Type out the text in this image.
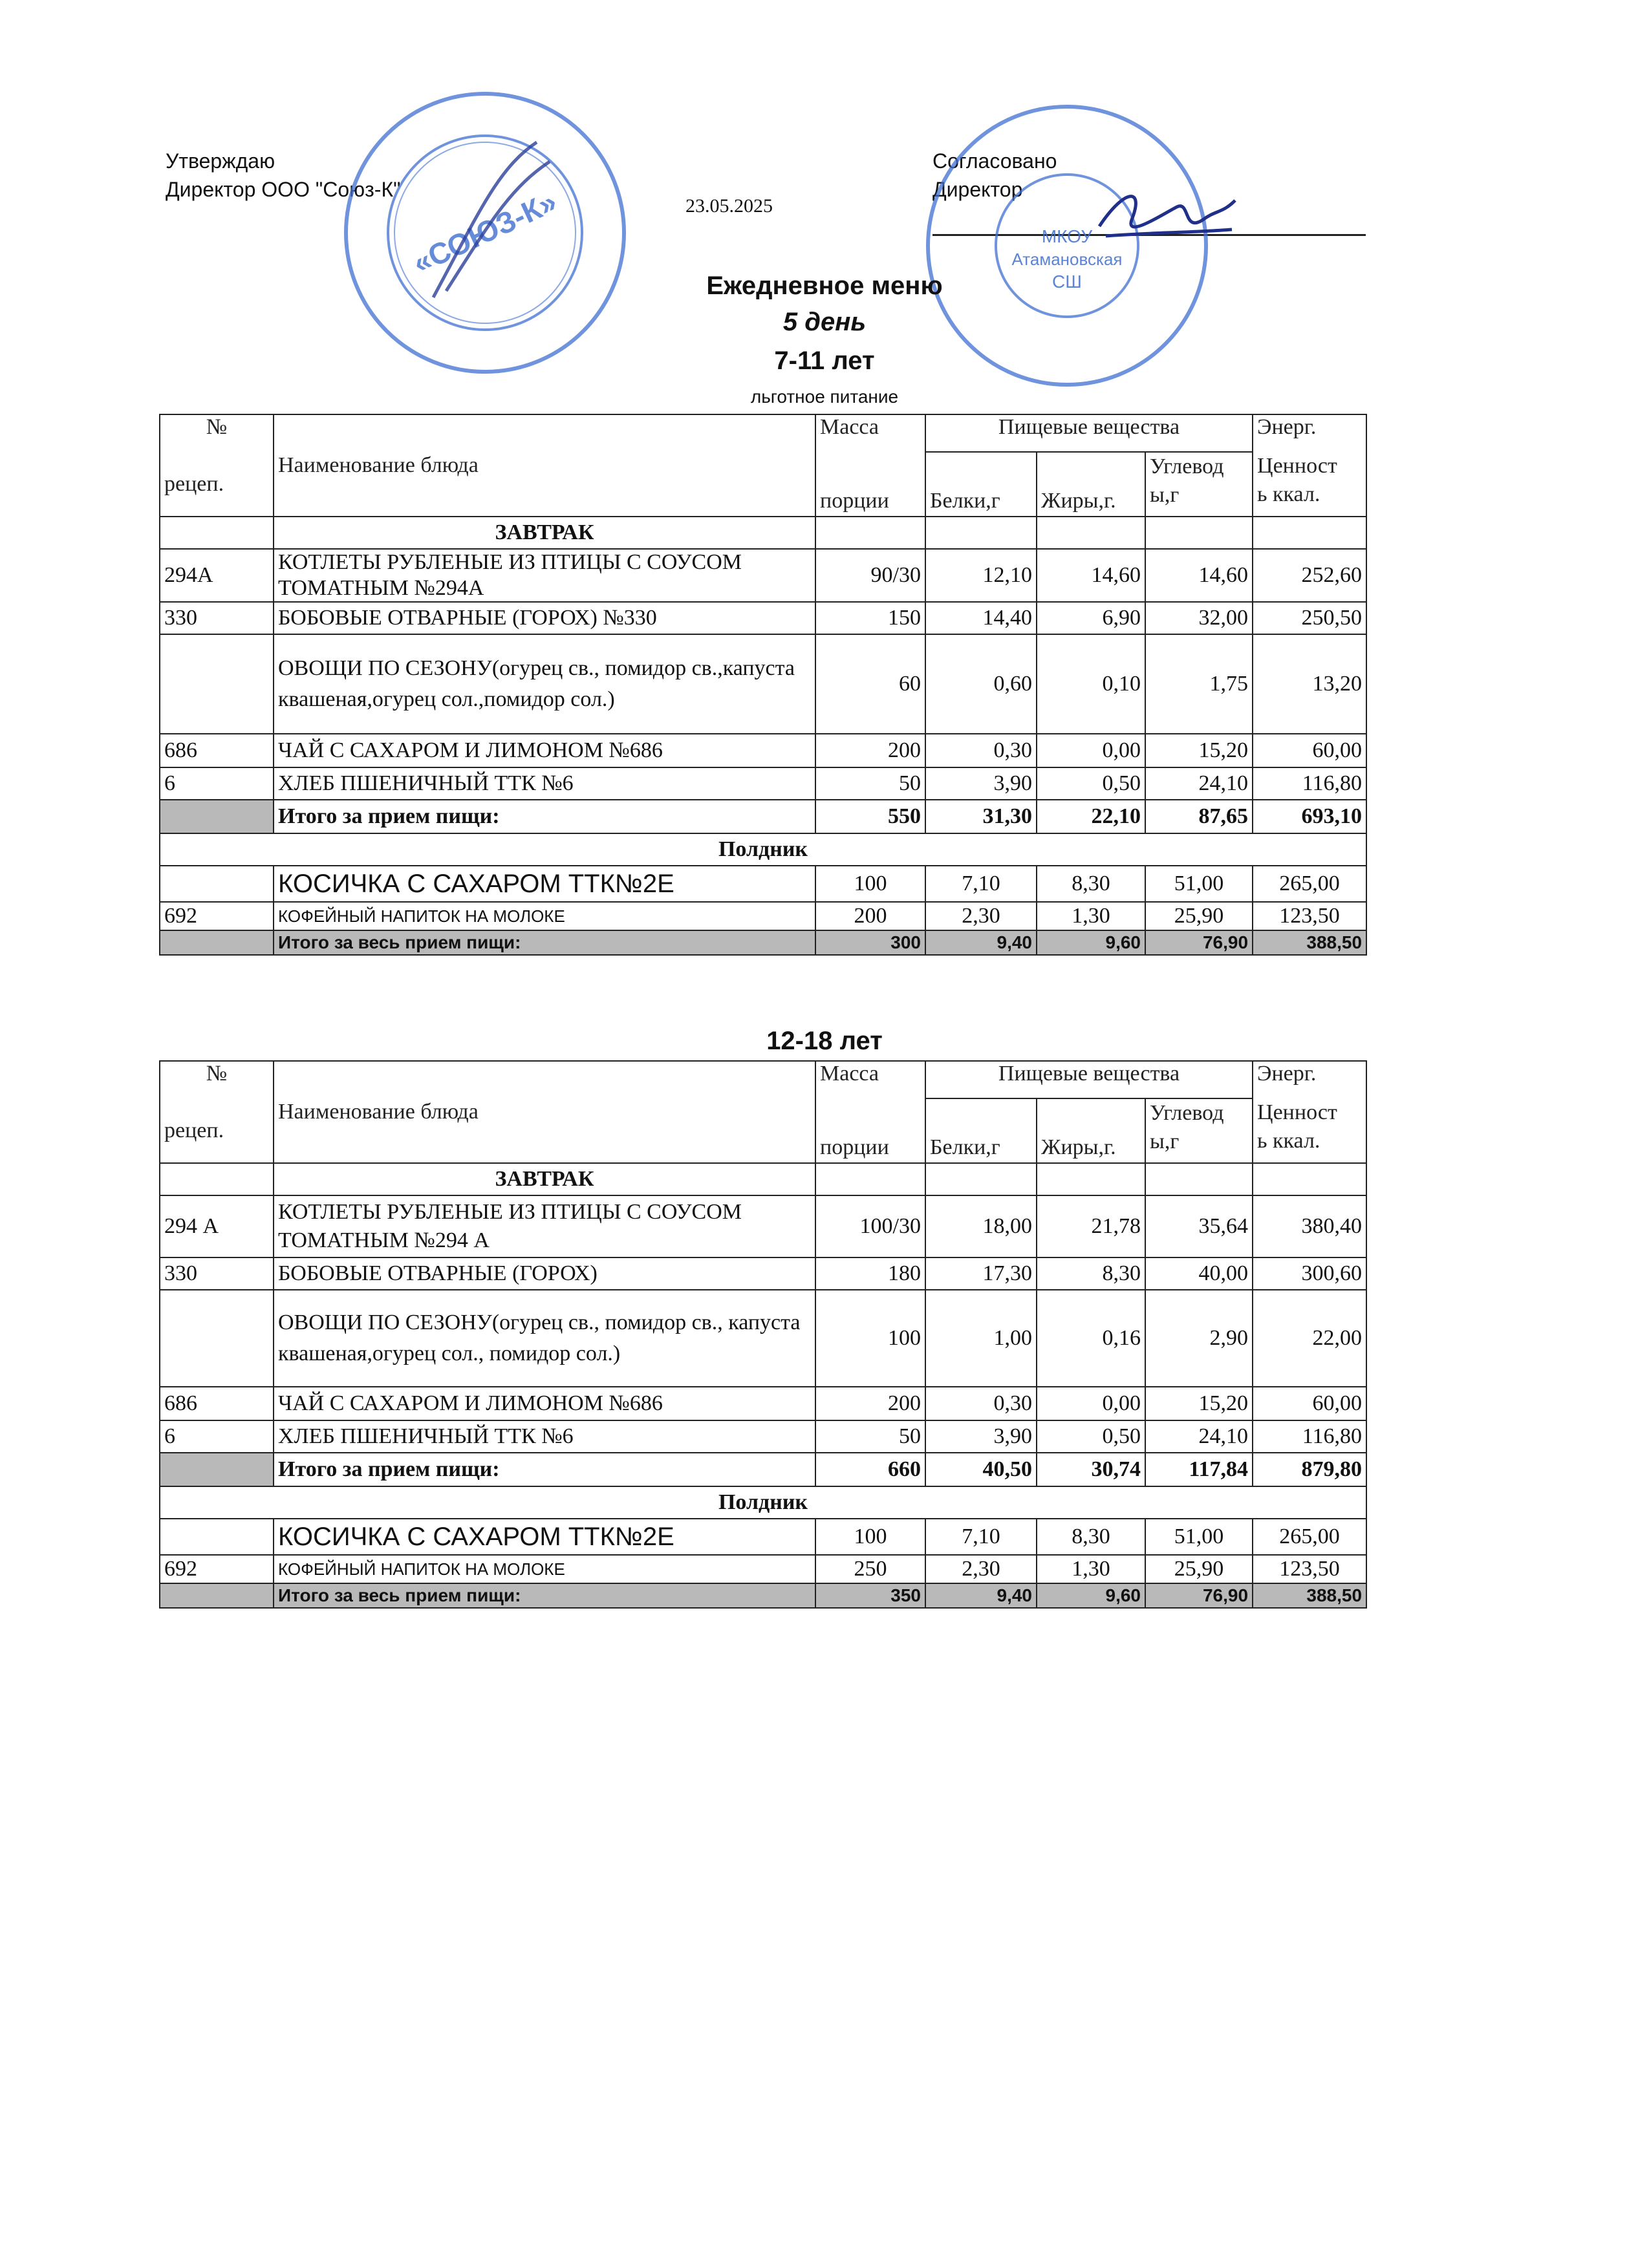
Утверждаю
Директор ООО "Союз-К"
23.05.2025
Согласовано
Директор
«СОЮЗ-К»	МКОУ
Атамановская
СШ
Ежедневное меню
5 день
7-11 лет
льготное питание
№	Наименование блюда	Масса	Пищевые вещества			Энерг.
рецеп.		порции	Белки,г	Жиры,г.	Углевод
ы,г	Ценност
ь ккал.
	ЗАВТРАК					
294А	КОТЛЕТЫ РУБЛЕНЫЕ ИЗ ПТИЦЫ С СОУСОМ ТОМАТНЫМ №294А	90/30	12,10	14,60	14,60	252,60
330	БОБОВЫЕ ОТВАРНЫЕ (ГОРОХ) №330	150	14,40	6,90	32,00	250,50
	ОВОЩИ ПО СЕЗОНУ(огурец св., помидор св.,капуста квашеная,огурец сол.,помидор сол.)	60	0,60	0,10	1,75	13,20
686	ЧАЙ С САХАРОМ И ЛИМОНОМ №686	200	0,30	0,00	15,20	60,00
6	ХЛЕБ ПШЕНИЧНЫЙ ТТК №6	50	3,90	0,50	24,10	116,80
	Итого за прием пищи:	550	31,30	22,10	87,65	693,10
Полдник						
	КОСИЧКА С САХАРОМ ТТК№2Е	100	7,10	8,30	51,00	265,00
692	КОФЕЙНЫЙ НАПИТОК НА МОЛОКЕ	200	2,30	1,30	25,90	123,50
	Итого за весь прием пищи:	300	9,40	9,60	76,90	388,50
12-18 лет
№	Наименование блюда	Масса	Пищевые вещества			Энерг.
рецеп.		порции	Белки,г	Жиры,г.	Углевод
ы,г	Ценност
ь ккал.
	ЗАВТРАК					
294 А	КОТЛЕТЫ РУБЛЕНЫЕ ИЗ ПТИЦЫ С СОУСОМ ТОМАТНЫМ №294 А	100/30	18,00	21,78	35,64	380,40
330	БОБОВЫЕ ОТВАРНЫЕ (ГОРОХ)	180	17,30	8,30	40,00	300,60
	ОВОЩИ ПО СЕЗОНУ(огурец св., помидор св., капуста квашеная,огурец сол., помидор сол.)	100	1,00	0,16	2,90	22,00
686	ЧАЙ С САХАРОМ И ЛИМОНОМ №686	200	0,30	0,00	15,20	60,00
6	ХЛЕБ ПШЕНИЧНЫЙ ТТК №6	50	3,90	0,50	24,10	116,80
	Итого за прием пищи:	660	40,50	30,74	117,84	879,80
Полдник						
	КОСИЧКА С САХАРОМ ТТК№2Е	100	7,10	8,30	51,00	265,00
692	КОФЕЙНЫЙ НАПИТОК НА МОЛОКЕ	250	2,30	1,30	25,90	123,50
	Итого за весь прием пищи:	350	9,40	9,60	76,90	388,50
